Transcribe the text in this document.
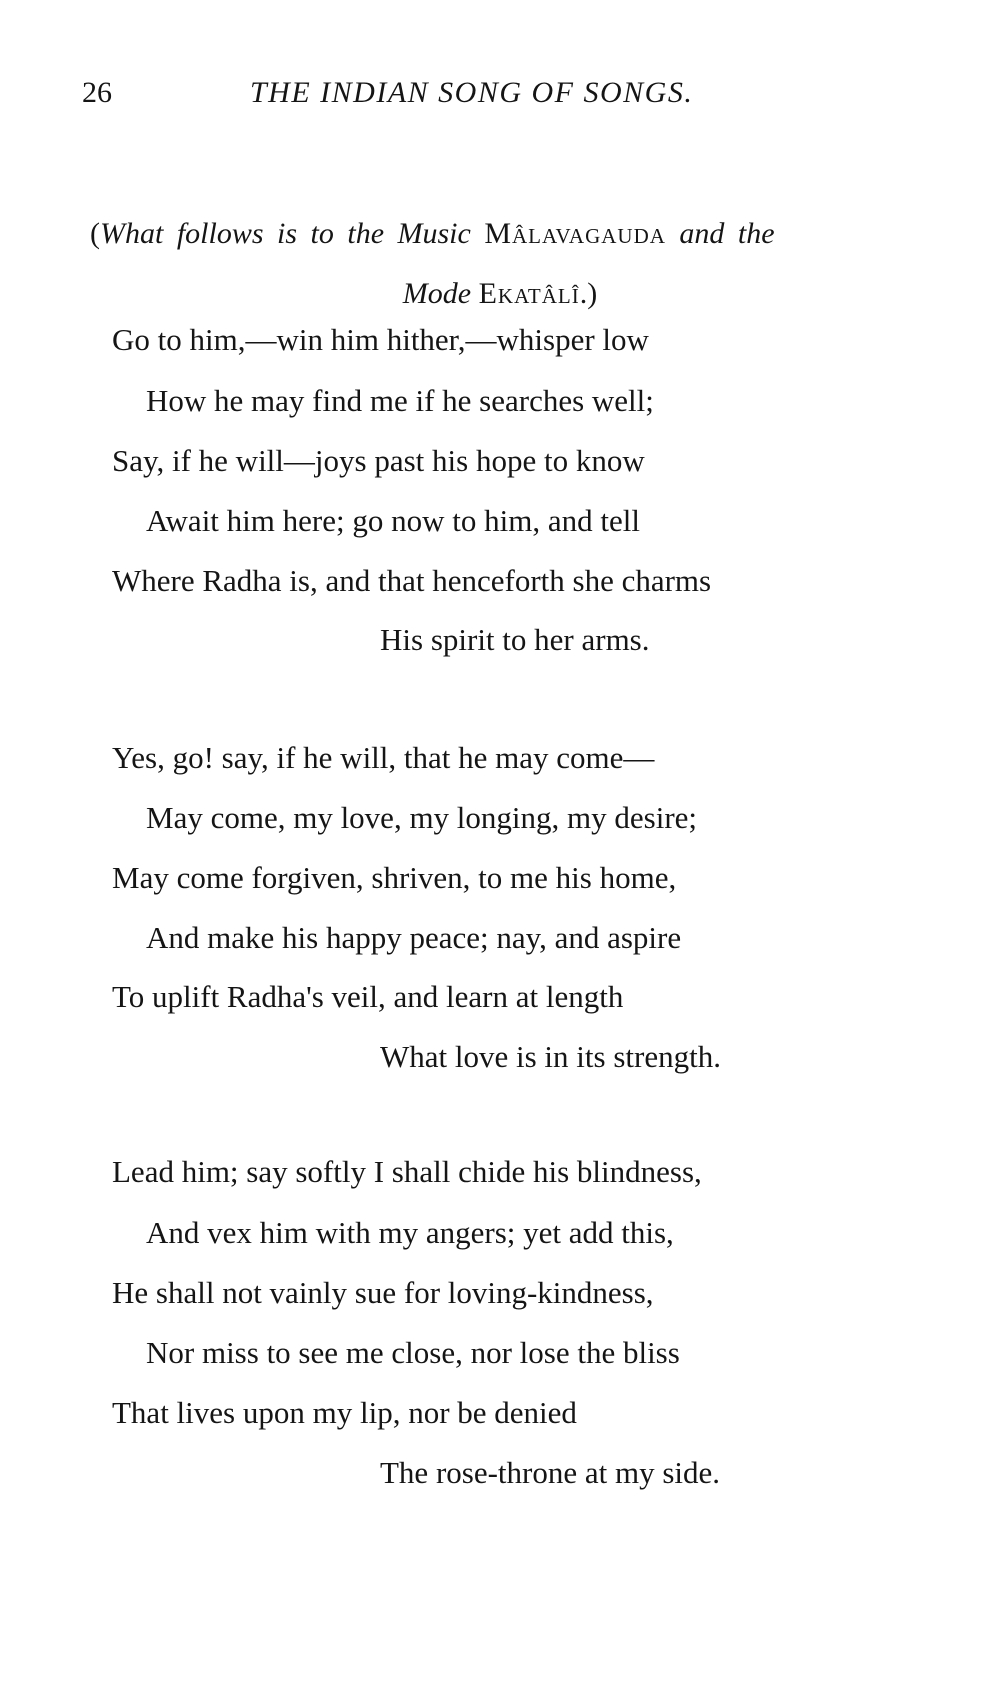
26	THE INDIAN SONG OF SONGS.
(What follows is to the Music Mâlavagauda and the
Mode Ekatâlî.)
Go to him,—win him hither,—whisper low
How he may find me if he searches well;
Say, if he will—joys past his hope to know
Await him here; go now to him, and tell
Where Radha is, and that henceforth she charms
His spirit to her arms.
Yes, go! say, if he will, that he may come—
May come, my love, my longing, my desire;
May come forgiven, shriven, to me his home,
And make his happy peace; nay, and aspire
To uplift Radha's veil, and learn at length
What love is in its strength.
Lead him; say softly I shall chide his blindness,
And vex him with my angers; yet add this,
He shall not vainly sue for loving-kindness,
Nor miss to see me close, nor lose the bliss
That lives upon my lip, nor be denied
The rose-throne at my side.
